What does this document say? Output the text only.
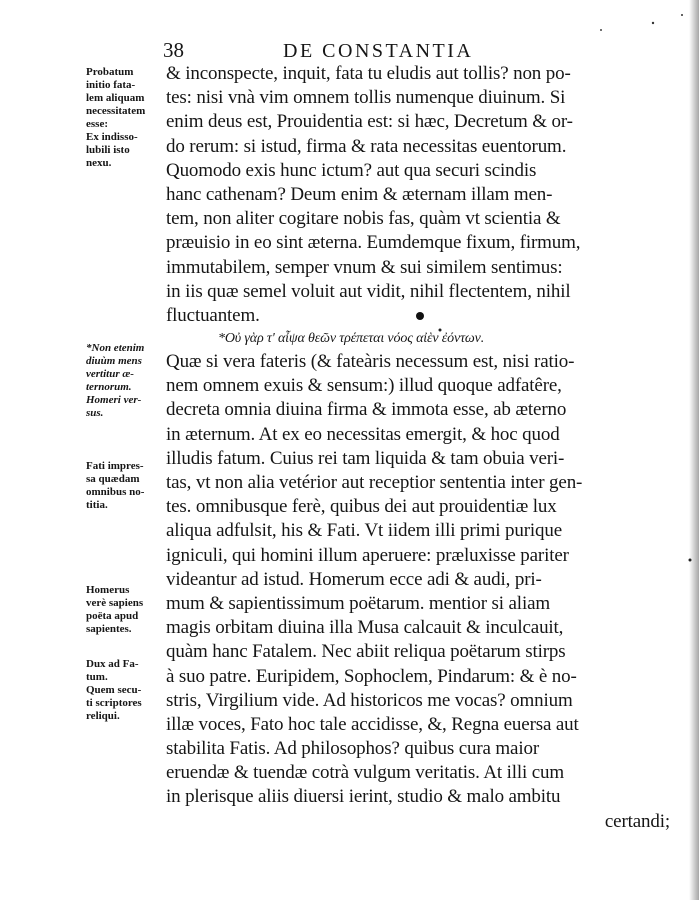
38	DE CONSTANTIA
& inconspecte, inquit, fata tu eludis aut tollis? non po-
tes: nisi vnà vim omnem tollis numenque diuinum. Si
enim deus est, Prouidentia est: si hæc, Decretum & or-
do rerum: si istud, firma & rata necessitas euentorum.
Quomodo exis hunc ictum? aut qua securi scindis
hanc cathenam? Deum enim & æternam illam men-
tem, non aliter cogitare nobis fas, quàm vt scientia &
præuisio in eo sint æterna. Eumdemque fixum, firmum,
immutabilem, semper vnum & sui similem sentimus:
in iis quæ semel voluit aut vidit, nihil flectentem, nihil
fluctuantem.
*Οὐ γὰρ τ' αἶψα θεῶν τρέπεται νόος αἰὲν ἐόντων.
Quæ si vera fateris (& fateàris necessum est, nisi ratio-
nem omnem exuis & sensum:) illud quoque adfatêre,
decreta omnia diuina firma & immota esse, ab æterno
in æternum. At ex eo necessitas emergit, & hoc quod
illudis fatum. Cuius rei tam liquida & tam obuia veri-
tas, vt non alia vetérior aut receptior sententia inter gen-
tes. omnibusque ferè, quibus dei aut prouidentiæ lux
aliqua adfulsit, his & Fati. Vt iidem illi primi purique
igniculi, qui homini illum aperuere: præluxisse pariter
videantur ad istud. Homerum ecce adi & audi, pri-
mum & sapientissimum poëtarum. mentior si aliam
magis orbitam diuina illa Musa calcauit & inculcauit,
quàm hanc Fatalem. Nec abiit reliqua poëtarum stirps
à suo patre. Euripidem, Sophoclem, Pindarum: & è no-
stris, Virgilium vide. Ad historicos me vocas? omnium
illæ voces, Fato hoc tale accidisse, &, Regna euersa aut
stabilita Fatis. Ad philosophos? quibus cura maior
eruendæ & tuendæ cotrà vulgum veritatis. At illi cum
in plerisque aliis diuersi ierint, studio & malo ambitu
certandi;
Probatum
initio fata-
lem aliquam
necessitatem
esse:
Ex indisso-
lubili isto
nexu.
*Non etenim
diuùm mens
vertitur æ-
ternorum.
Homeri ver-
sus.
Fati impres-
sa quædam
omnibus no-
titia.
Homerus
verè sapiens
poëta apud
sapientes.
Dux ad Fa-
tum.
Quem secu-
ti scriptores
reliqui.
